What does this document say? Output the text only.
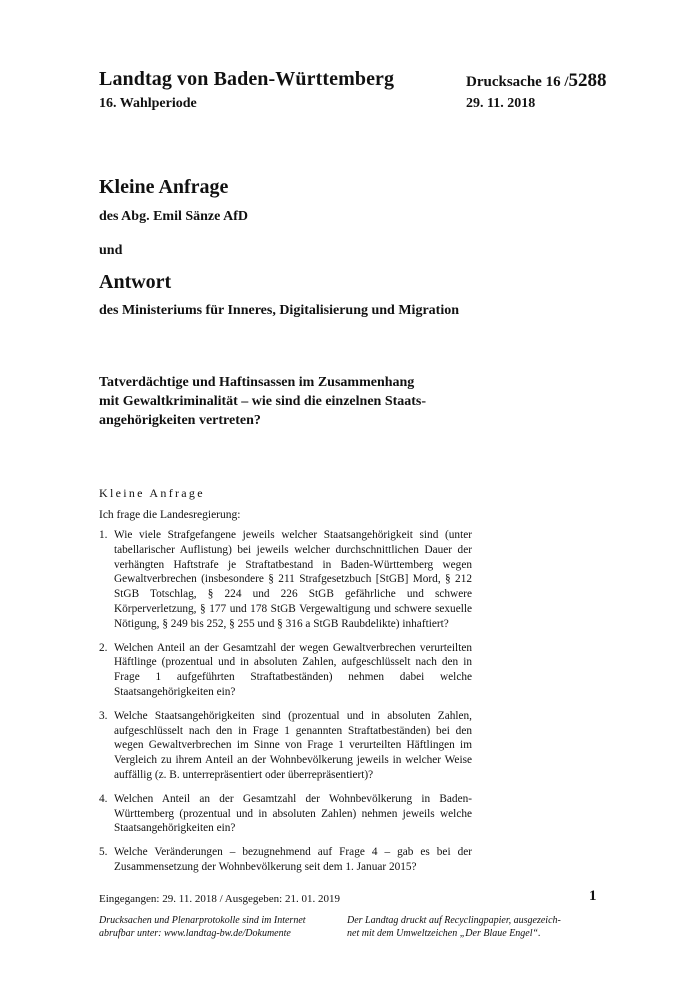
Landtag von Baden-Württemberg
16. Wahlperiode
Drucksache 16 /5288
29. 11. 2018
Kleine Anfrage
des Abg. Emil Sänze AfD
und
Antwort
des Ministeriums für Inneres, Digitalisierung und Migration
Tatverdächtige und Haftinsassen im Zusammenhang
mit Gewaltkriminalität – wie sind die einzelnen Staats-
angehörigkeiten vertreten?
Kleine Anfrage
Ich frage die Landesregierung:
1. Wie viele Strafgefangene jeweils welcher Staatsangehörigkeit sind (unter tabellarischer Auflistung) bei jeweils welcher durchschnittlichen Dauer der verhängten Haftstrafe je Straftatbestand in Baden-Württemberg wegen Gewaltverbrechen (insbesondere § 211 Strafgesetzbuch [StGB] Mord, § 212 StGB Totschlag, § 224 und 226 StGB gefährliche und schwere Körperverletzung, § 177 und 178 StGB Vergewaltigung und schwere sexuelle Nötigung, § 249 bis 252, § 255 und § 316 a StGB Raubdelikte) inhaftiert?
2. Welchen Anteil an der Gesamtzahl der wegen Gewaltverbrechen verurteilten Häftlinge (prozentual und in absoluten Zahlen, aufgeschlüsselt nach den in Frage 1 aufgeführten Straftatbeständen) nehmen dabei welche Staatsangehörigkeiten ein?
3. Welche Staatsangehörigkeiten sind (prozentual und in absoluten Zahlen, aufgeschlüsselt nach den in Frage 1 genannten Straftatbeständen) bei den wegen Gewaltverbrechen im Sinne von Frage 1 verurteilten Häftlingen im Vergleich zu ihrem Anteil an der Wohnbevölkerung jeweils in welcher Weise auffällig (z. B. unterrepräsentiert oder überrepräsentiert)?
4. Welchen Anteil an der Gesamtzahl der Wohnbevölkerung in Baden-Württemberg (prozentual und in absoluten Zahlen) nehmen jeweils welche Staatsangehörigkeiten ein?
5. Welche Veränderungen – bezugnehmend auf Frage 4 – gab es bei der Zusammensetzung der Wohnbevölkerung seit dem 1. Januar 2015?
Eingegangen: 29. 11. 2018 / Ausgegeben: 21. 01. 2019	1
Drucksachen und Plenarprotokolle sind im Internet
abrufbar unter: www.landtag-bw.de/Dokumente
Der Landtag druckt auf Recyclingpapier, ausgezeich-
net mit dem Umweltzeichen „Der Blaue Engel“.
